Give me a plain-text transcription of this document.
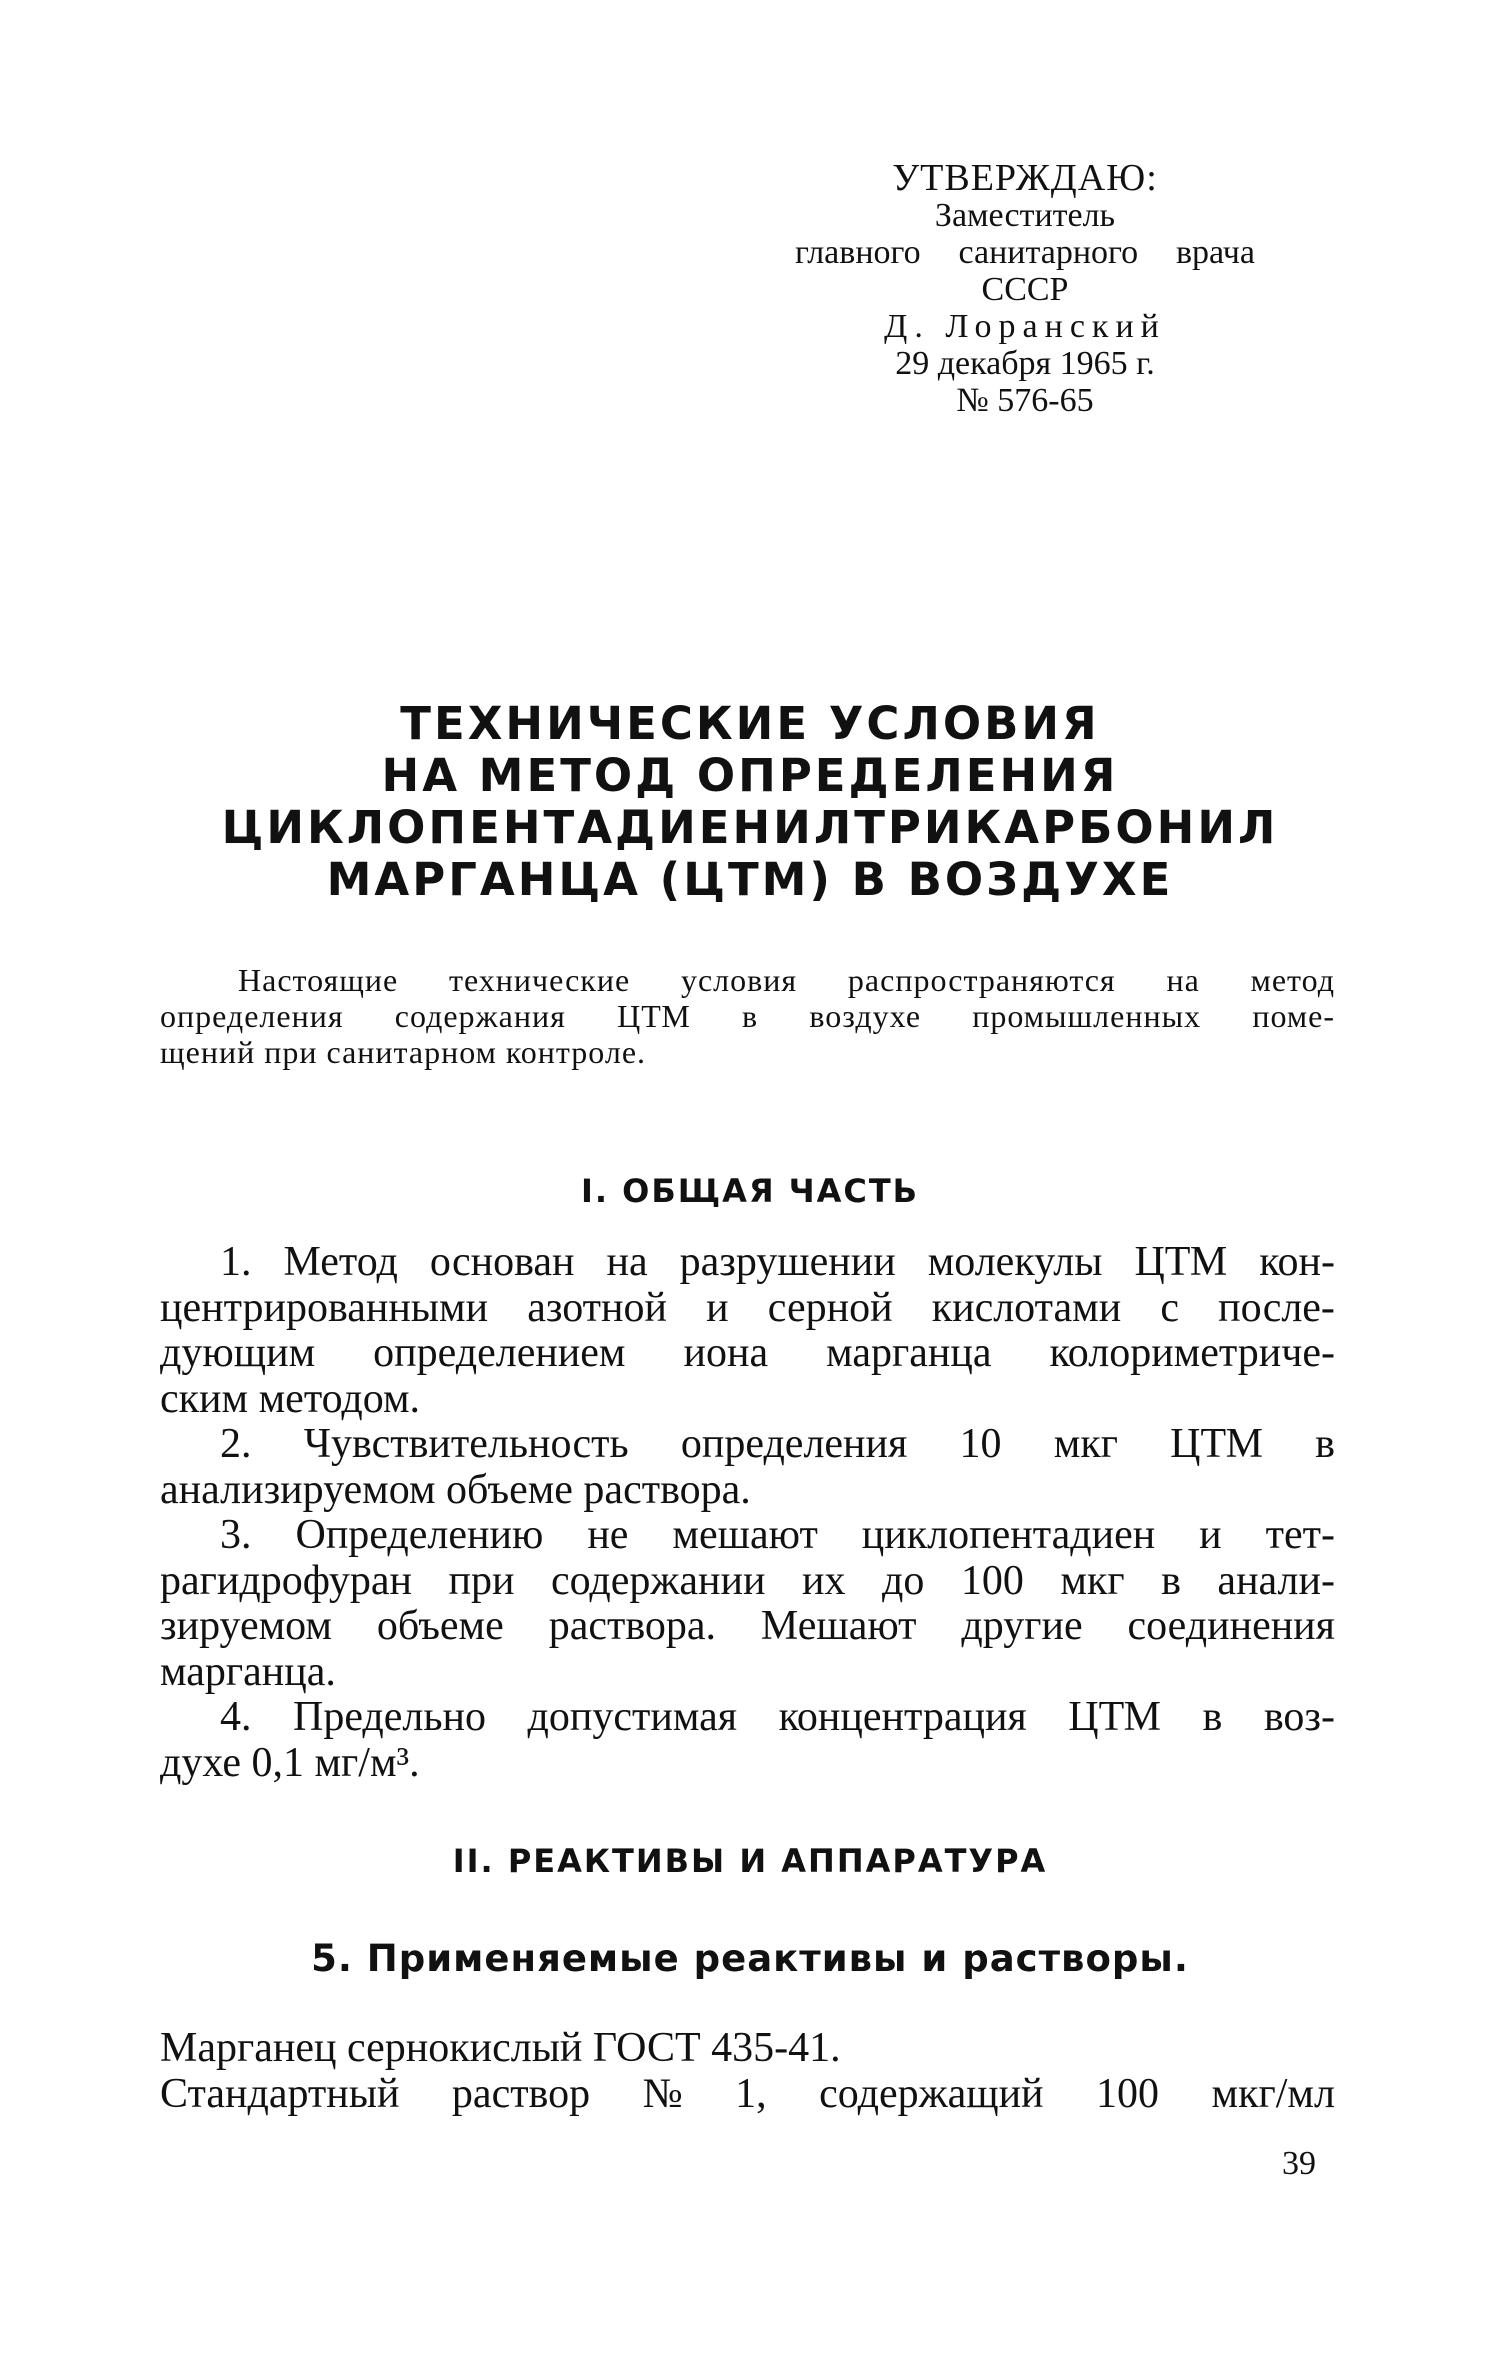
УТВЕРЖДАЮ:
Заместитель
главного санитарного врача
СССР
Д. Лоранский
29 декабря 1965 г.
№ 576-65
ТЕХНИЧЕСКИЕ УСЛОВИЯ
НА МЕТОД ОПРЕДЕЛЕНИЯ
ЦИКЛОПЕНТАДИЕНИЛТРИКАРБОНИЛ
МАРГАНЦА (ЦТМ) В ВОЗДУХЕ
Настоящие технические условия распространяются на метод
определения содержания ЦТМ в воздухе промышленных поме-
щений при санитарном контроле.
I. ОБЩАЯ ЧАСТЬ
1. Метод основан на разрушении молекулы ЦТМ кон-
центрированными азотной и серной кислотами с после-
дующим определением иона марганца колориметриче-
ским методом.
2. Чувствительность определения 10 мкг ЦТМ в
анализируемом объеме раствора.
3. Определению не мешают циклопентадиен и тет-
рагидрофуран при содержании их до 100 мкг в анали-
зируемом объеме раствора. Мешают другие соединения
марганца.
4. Предельно допустимая концентрация ЦТМ в воз-
духе 0,1 мг/м³.
II. РЕАКТИВЫ И АППАРАТУРА
5. Применяемые реактивы и растворы.
Марганец сернокислый ГОСТ 435-41.
Стандартный раствор № 1, содержащий 100 мкг/мл
39
